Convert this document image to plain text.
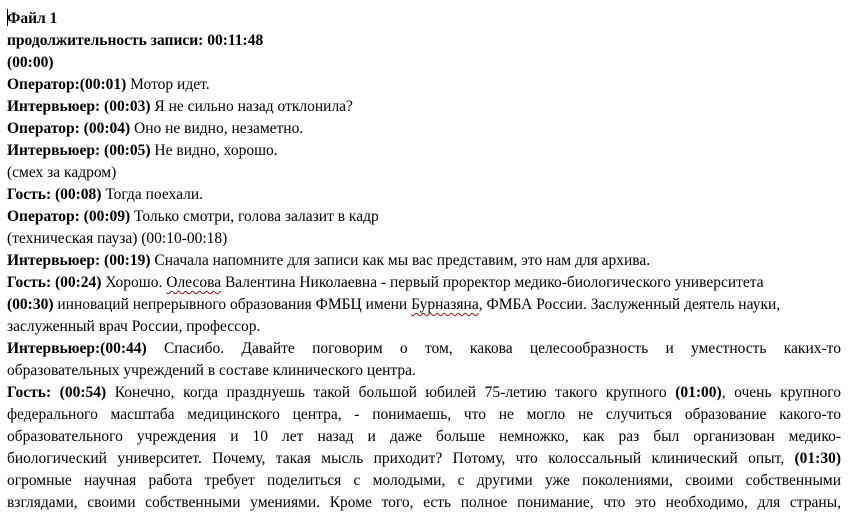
Файл 1
продолжительность записи: 00:11:48
(00:00)
Оператор:(00:01) Мотор идет.
Интервьюер: (00:03) Я не сильно назад отклонила?
Оператор: (00:04) Оно не видно, незаметно.
Интервьюер: (00:05) Не видно, хорошо.
(смех за кадром)
Гость: (00:08) Тогда поехали.
Оператор: (00:09) Только смотри, голова залазит в кадр
(техническая пауза) (00:10-00:18)
Интервьюер: (00:19) Сначала напомните для записи как мы вас представим, это нам для архива.
Гость: (00:24) Хорошо. Олесова Валентина Николаевна - первый проректор медико-биологического университета
(00:30) инноваций непрерывного образования ФМБЦ имени Бурназяна, ФМБА России. Заслуженный деятель науки,
заслуженный врач России, профессор.
Интервьюер:(00:44) Спасибо. Давайте поговорим о том, какова целесообразность и уместность каких-то
образовательных учреждений в составе клинического центра.
Гость: (00:54) Конечно, когда празднуешь такой большой юбилей 75-летию такого крупного (01:00), очень крупного
федерального масштаба медицинского центра, - понимаешь, что не могло не случиться образование какого-то
образовательного учреждения и 10 лет назад и даже больше немножко, как раз был организован медико-
биологический университет. Почему, такая мысль приходит? Потому, что колоссальный клинический опыт, (01:30)
огромные научная работа требует поделиться с молодыми, с другими уже поколениями, своими собственными
взглядами, своими собственными умениями. Кроме того, есть полное понимание, что это необходимо, для страны,
